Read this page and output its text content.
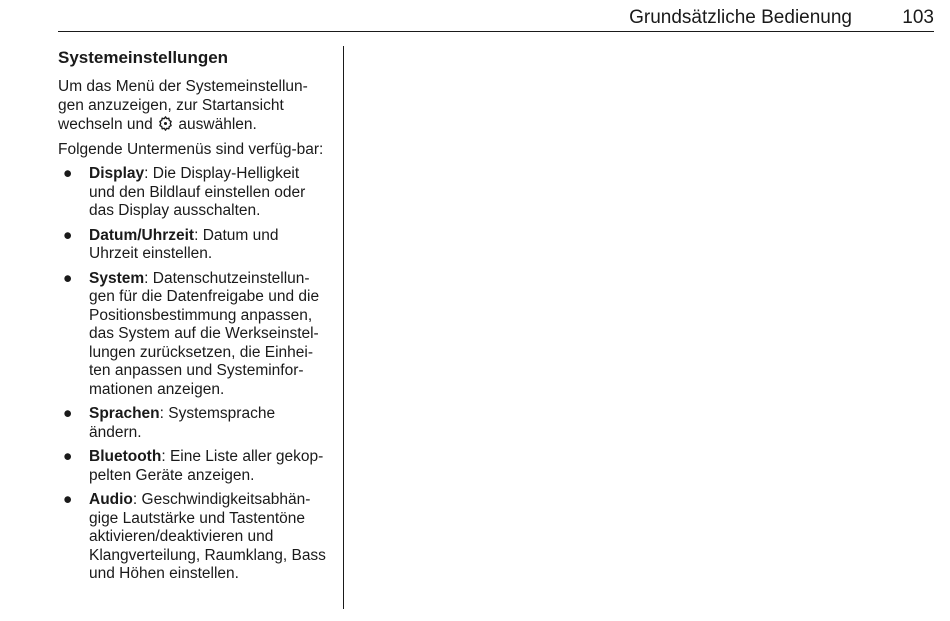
Grundsätzliche Bedienung	103
Systemeinstellungen

Um das Menü der Systemeinstellun-gen anzuzeigen, zur Startansicht wechseln und  auswählen.

Folgende Untermenüs sind verfüg-bar:

● Display: Die Display-Helligkeit und den Bildlauf einstellen oder das Display ausschalten.
● Datum/Uhrzeit: Datum und Uhrzeit einstellen.
● System: Datenschutzeinstellun-gen für die Datenfreigabe und die Positionsbestimmung anpassen, das System auf die Werkseinstel-lungen zurücksetzen, die Einhei-ten anpassen und Systeminfor-mationen anzeigen.
● Sprachen: Systemsprache ändern.
● Bluetooth: Eine Liste aller gekop-pelten Geräte anzeigen.
● Audio: Geschwindigkeitsabhän-gige Lautstärke und Tastentöne aktivieren/deaktivieren und Klangverteilung, Raumklang, Bass und Höhen einstellen.
